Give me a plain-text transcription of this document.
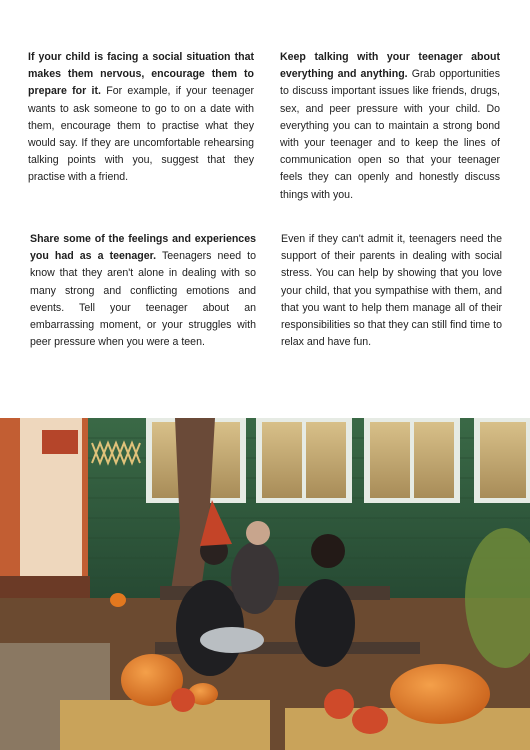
If your child is facing a social situation that makes them nervous, encourage them to prepare for it. For example, if your teenager wants to ask someone to go to on a date with them, encourage them to practise what they would say. If they are uncomfortable rehearsing talking points with you, suggest that they practise with a friend.

Keep talking with your teenager about everything and anything. Grab opportunities to discuss important issues like friends, drugs, sex, and peer pressure with your child. Do everything you can to maintain a strong bond with your teenager and to keep the lines of communication open so that your teenager feels they can openly and honestly discuss things with you.

Share some of the feelings and experiences you had as a teenager. Teenagers need to know that they aren't alone in dealing with so many strong and conflicting emotions and events. Tell your teenager about an embarrassing moment, or your struggles with peer pressure when you were a teen.

Even if they can't admit it, teenagers need the support of their parents in dealing with social stress. You can help by showing that you love your child, that you sympathise with them, and that you want to help them manage all of their responsibilities so that they can still find time to relax and have fun.
